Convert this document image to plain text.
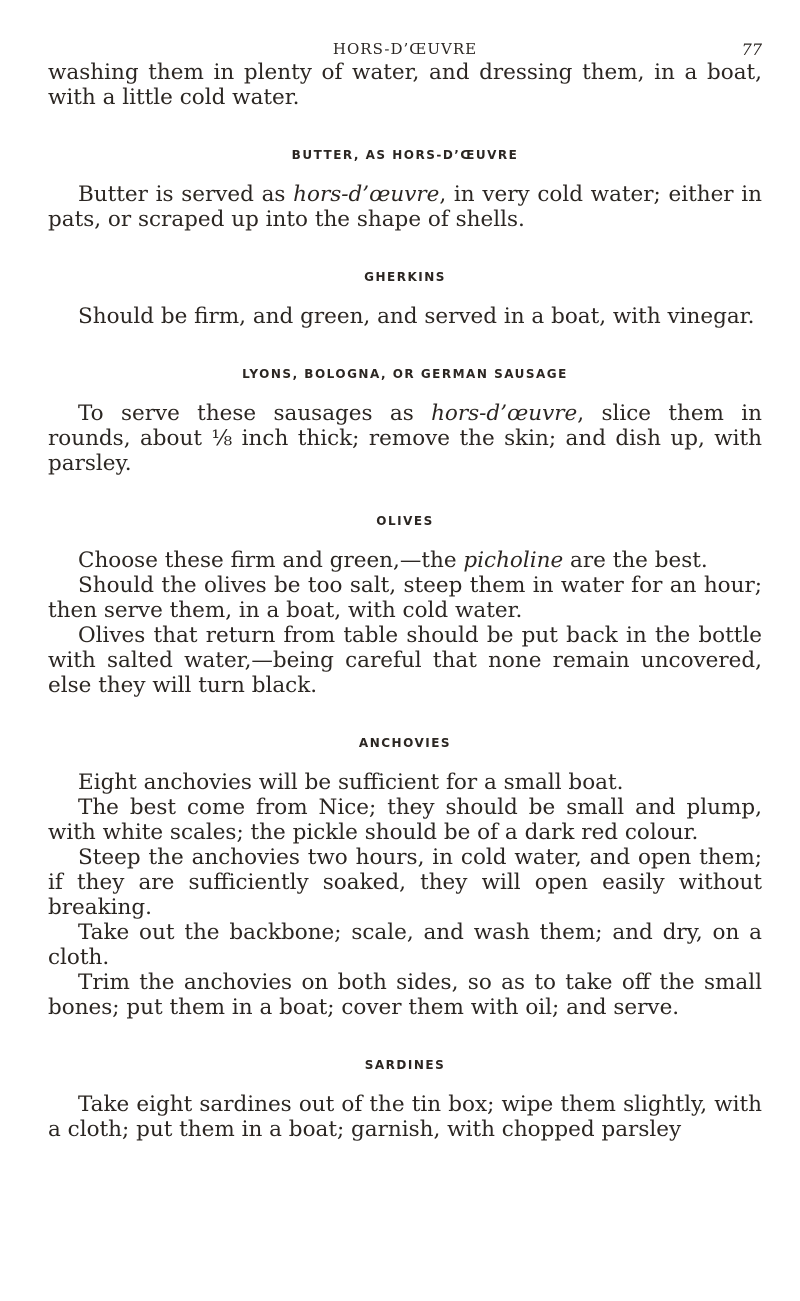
HORS-D’ŒUVRE	77

washing them in plenty of water, and dressing them, in a boat, with a little cold water.

BUTTER, AS HORS-D’ŒUVRE

Butter is served as hors-d’œuvre, in very cold water; either in pats, or scraped up into the shape of shells.

GHERKINS

Should be firm, and green, and served in a boat, with vinegar.

LYONS, BOLOGNA, OR GERMAN SAUSAGE

To serve these sausages as hors-d’œuvre, slice them in rounds, about ⅛ inch thick; remove the skin; and dish up, with parsley.

OLIVES

Choose these firm and green,—the picholine are the best.

Should the olives be too salt, steep them in water for an hour; then serve them, in a boat, with cold water.

Olives that return from table should be put back in the bottle with salted water,—being careful that none remain uncovered, else they will turn black.

ANCHOVIES

Eight anchovies will be sufficient for a small boat.

The best come from Nice; they should be small and plump, with white scales; the pickle should be of a dark red colour.

Steep the anchovies two hours, in cold water, and open them; if they are sufficiently soaked, they will open easily without breaking.

Take out the backbone; scale, and wash them; and dry, on a cloth.

Trim the anchovies on both sides, so as to take off the small bones; put them in a boat; cover them with oil; and serve.

SARDINES

Take eight sardines out of the tin box; wipe them slightly, with a cloth; put them in a boat; garnish, with chopped parsley
